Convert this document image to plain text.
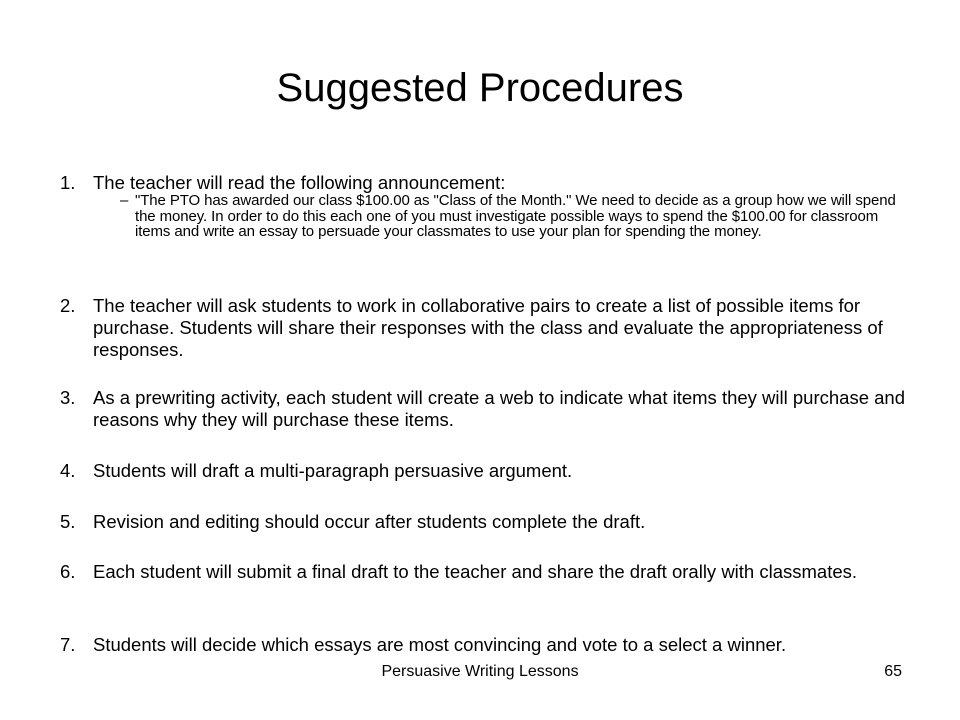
Suggested Procedures
1. The teacher will read the following announcement:
– "The PTO has awarded our class $100.00 as "Class of the Month." We need to decide as a group how we will spend the money. In order to do this each one of you must investigate possible ways to spend the $100.00 for classroom items and write an essay to persuade your classmates to use your plan for spending the money.
2. The teacher will ask students to work in collaborative pairs to create a list of possible items for purchase. Students will share their responses with the class and evaluate the appropriateness of responses.
3. As a prewriting activity, each student will create a web to indicate what items they will purchase and reasons why they will purchase these items.
4. Students will draft a multi-paragraph persuasive argument.
5. Revision and editing should occur after students complete the draft.
6. Each student will submit a final draft to the teacher and share the draft orally with classmates.
7. Students will decide which essays are most convincing and vote to a select a winner.
Persuasive Writing Lessons	65
